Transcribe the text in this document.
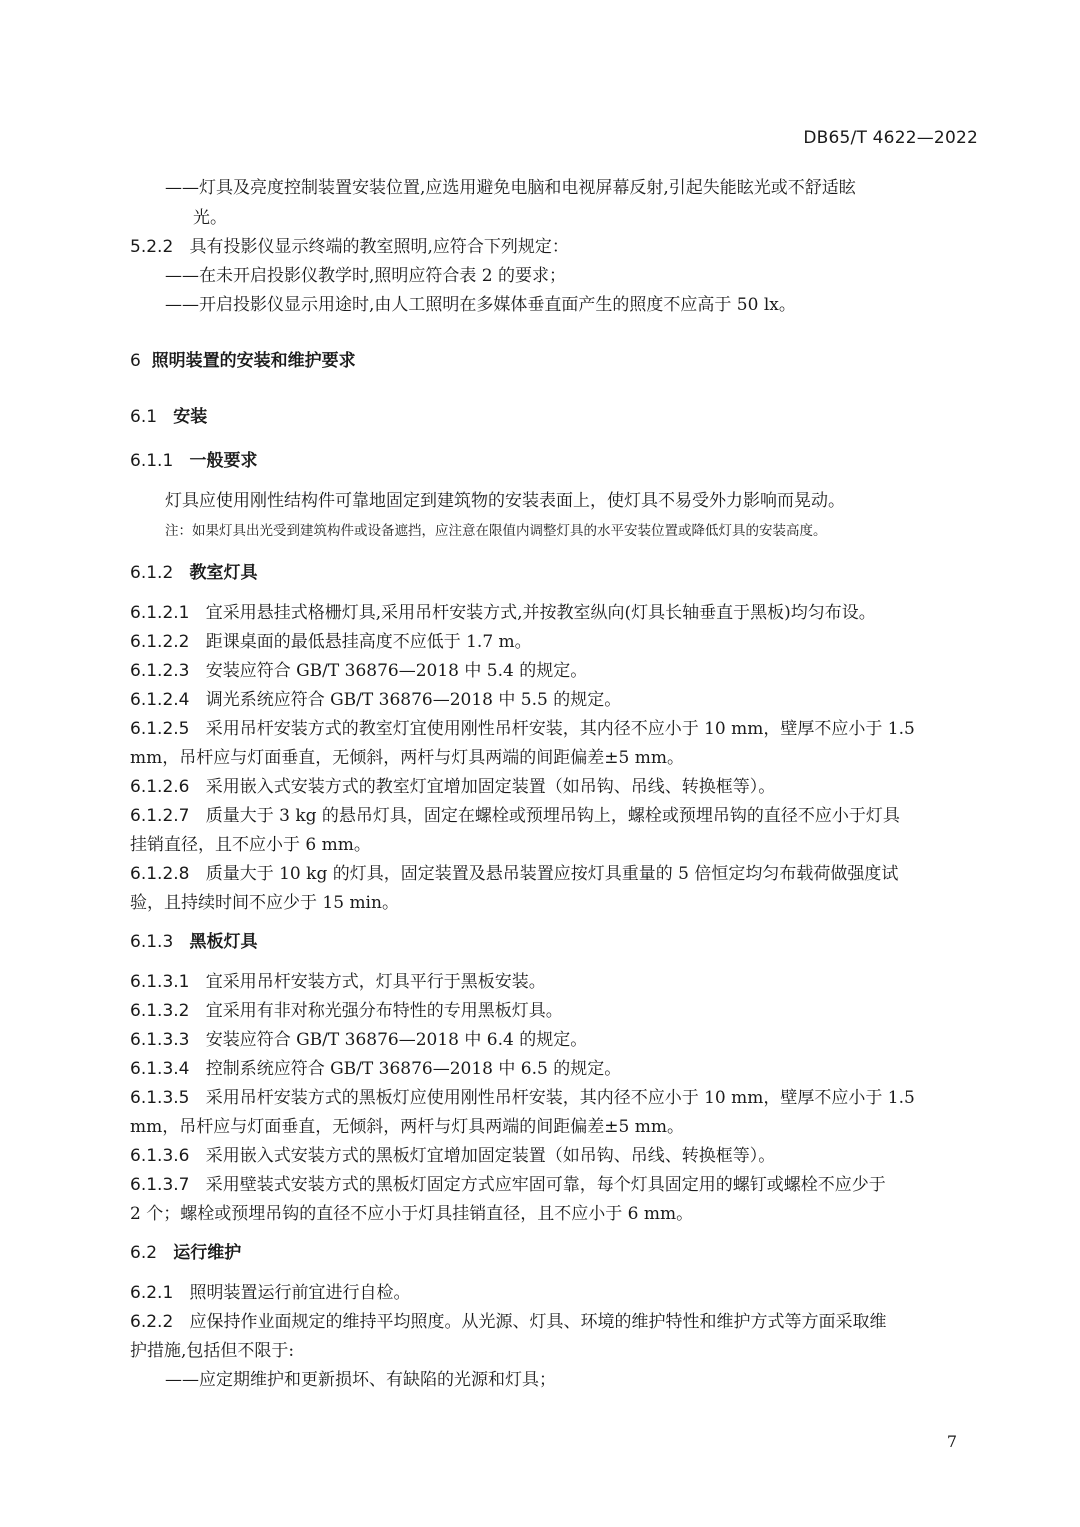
DB65/T 4622—2022
——灯具及亮度控制装置安装位置,应选用避免电脑和电视屏幕反射,引起失能眩光或不舒适眩
光。
5.2.2 具有投影仪显示终端的教室照明,应符合下列规定：
——在未开启投影仪教学时,照明应符合表 2 的要求；
——开启投影仪显示用途时,由人工照明在多媒体垂直面产生的照度不应高于 50 lx。
6 照明装置的安装和维护要求
6.1 安装
6.1.1 一般要求
灯具应使用刚性结构件可靠地固定到建筑物的安装表面上，使灯具不易受外力影响而晃动。
注：如果灯具出光受到建筑构件或设备遮挡，应注意在限值内调整灯具的水平安装位置或降低灯具的安装高度。
6.1.2 教室灯具
6.1.2.1 宜采用悬挂式格栅灯具,采用吊杆安装方式,并按教室纵向(灯具长轴垂直于黑板)均匀布设。
6.1.2.2 距课桌面的最低悬挂高度不应低于 1.7 m。
6.1.2.3 安装应符合 GB/T 36876—2018 中 5.4 的规定。
6.1.2.4 调光系统应符合 GB/T 36876—2018 中 5.5 的规定。
6.1.2.5 采用吊杆安装方式的教室灯宜使用刚性吊杆安装，其内径不应小于 10 mm，壁厚不应小于 1.5
mm，吊杆应与灯面垂直，无倾斜，两杆与灯具两端的间距偏差±5 mm。
6.1.2.6 采用嵌入式安装方式的教室灯宜增加固定装置（如吊钩、吊线、转换框等）。
6.1.2.7 质量大于 3 kg 的悬吊灯具，固定在螺栓或预埋吊钩上，螺栓或预埋吊钩的直径不应小于灯具
挂销直径，且不应小于 6 mm。
6.1.2.8 质量大于 10 kg 的灯具，固定装置及悬吊装置应按灯具重量的 5 倍恒定均匀布载荷做强度试
验，且持续时间不应少于 15 min。
6.1.3 黑板灯具
6.1.3.1 宜采用吊杆安装方式，灯具平行于黑板安装。
6.1.3.2 宜采用有非对称光强分布特性的专用黑板灯具。
6.1.3.3 安装应符合 GB/T 36876—2018 中 6.4 的规定。
6.1.3.4 控制系统应符合 GB/T 36876—2018 中 6.5 的规定。
6.1.3.5 采用吊杆安装方式的黑板灯应使用刚性吊杆安装，其内径不应小于 10 mm，壁厚不应小于 1.5
mm，吊杆应与灯面垂直，无倾斜，两杆与灯具两端的间距偏差±5 mm。
6.1.3.6 采用嵌入式安装方式的黑板灯宜增加固定装置（如吊钩、吊线、转换框等）。
6.1.3.7 采用壁装式安装方式的黑板灯固定方式应牢固可靠，每个灯具固定用的螺钉或螺栓不应少于
2 个；螺栓或预埋吊钩的直径不应小于灯具挂销直径，且不应小于 6 mm。
6.2 运行维护
6.2.1 照明装置运行前宜进行自检。
6.2.2 应保持作业面规定的维持平均照度。从光源、灯具、环境的维护特性和维护方式等方面采取维
护措施,包括但不限于:
——应定期维护和更新损坏、有缺陷的光源和灯具；
7
